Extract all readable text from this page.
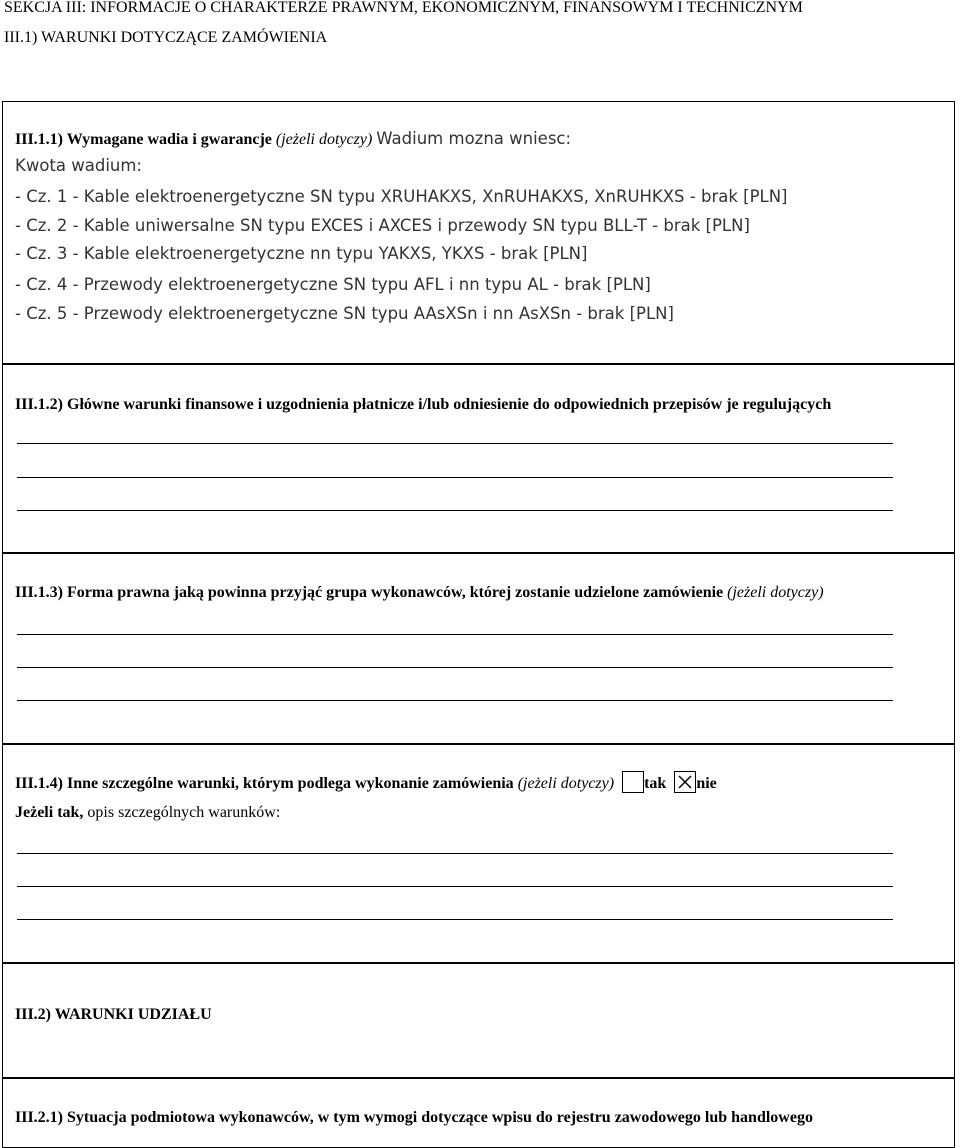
SEKCJA III: INFORMACJE O CHARAKTERZE PRAWNYM, EKONOMICZNYM, FINANSOWYM I TECHNICZNYM
III.1) WARUNKI DOTYCZĄCE ZAMÓWIENIA
III.1.1) Wymagane wadia i gwarancje (jeżeli dotyczy) Wadium mozna wniesc:
Kwota wadium:
- Cz. 1 - Kable elektroenergetyczne SN typu XRUHAKXS, XnRUHAKXS, XnRUHKXS - brak [PLN]
- Cz. 2 - Kable uniwersalne SN typu EXCES i AXCES i przewody SN typu BLL-T - brak [PLN]
- Cz. 3 - Kable elektroenergetyczne nn typu YAKXS, YKXS - brak [PLN]
- Cz. 4 - Przewody elektroenergetyczne SN typu AFL i nn typu AL - brak [PLN]
- Cz. 5 - Przewody elektroenergetyczne SN typu AAsXSn i nn AsXSn - brak [PLN]
III.1.2) Główne warunki finansowe i uzgodnienia płatnicze i/lub odniesienie do odpowiednich przepisów je regulujących
III.1.3) Forma prawna jaką powinna przyjąć grupa wykonawców, której zostanie udzielone zamówienie (jeżeli dotyczy)
III.1.4) Inne szczególne warunki, którym podlega wykonanie zamówienia (jeżeli dotyczy) tak nie
Jeżeli tak, opis szczególnych warunków:
III.2) WARUNKI UDZIAŁU
III.2.1) Sytuacja podmiotowa wykonawców, w tym wymogi dotyczące wpisu do rejestru zawodowego lub handlowego
